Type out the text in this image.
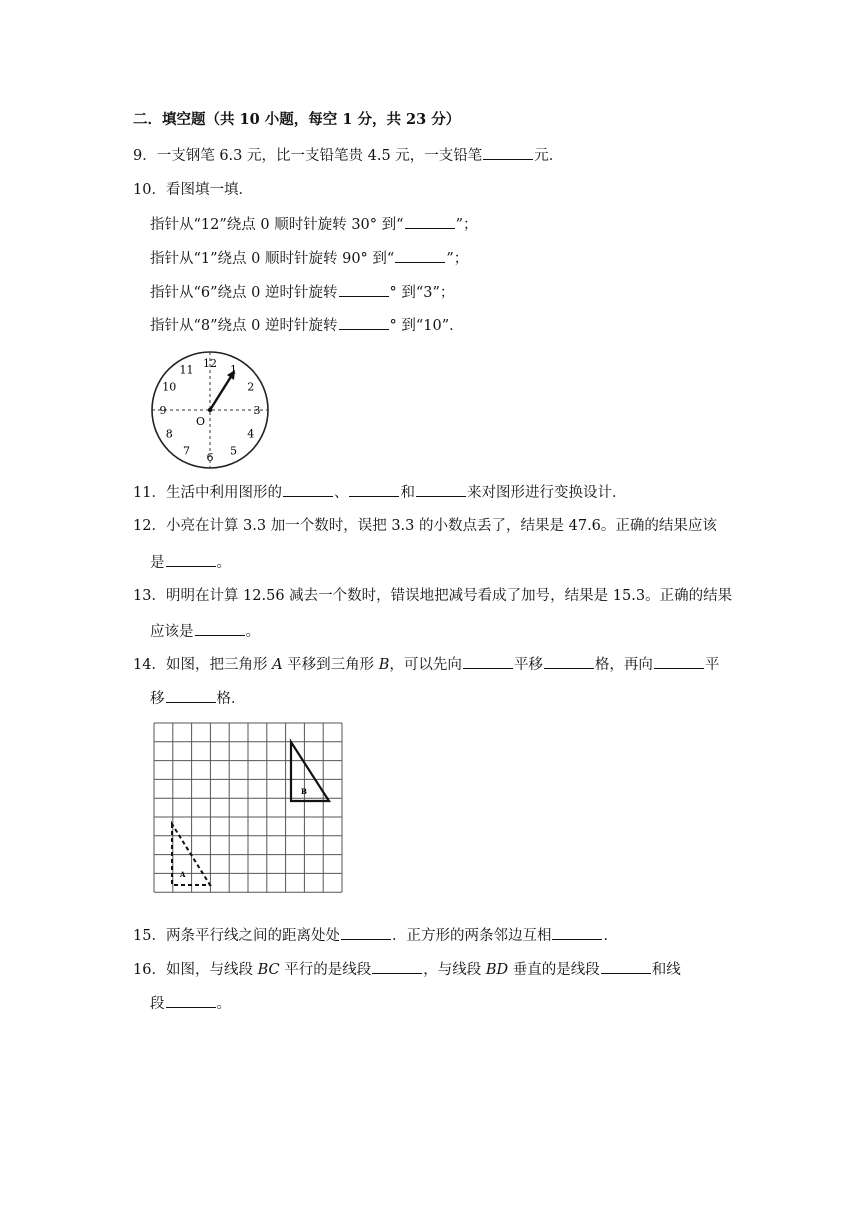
二．填空题（共 10 小题，每空 1 分，共 23 分）
9．一支钢笔 6.3 元，比一支铅笔贵 4.5 元，一支铅笔	元．
10．看图填一填．
指针从“12”绕点 0 顺时针旋转 30° 到“	”；
指针从“1”绕点 0 顺时针旋转 90° 到“	”；
指针从“6”绕点 0 逆时针旋转	° 到“3”；
指针从“8”绕点 0 逆时针旋转	° 到“10”．
O
12 1
2
3
4
5
6
7
8
9
10
11
11．生活中利用图形的	、	和	来对图形进行变换设计．
12．小亮在计算 3.3 加一个数时，误把 3.3 的小数点丢了，结果是 47.6。正确的结果应该
是	。
13．明明在计算 12.56 减去一个数时，错误地把减号看成了加号，结果是 15.3。正确的结果
应该是	。
14．如图，把三角形 A 平移到三角形 B，可以先向	平移	格，再向	平
移	格．
B
A
15．两条平行线之间的距离处处	．正方形的两条邻边互相	．
16．如图，与线段 BC 平行的是线段	，与线段 BD 垂直的是线段	和线
段	。
